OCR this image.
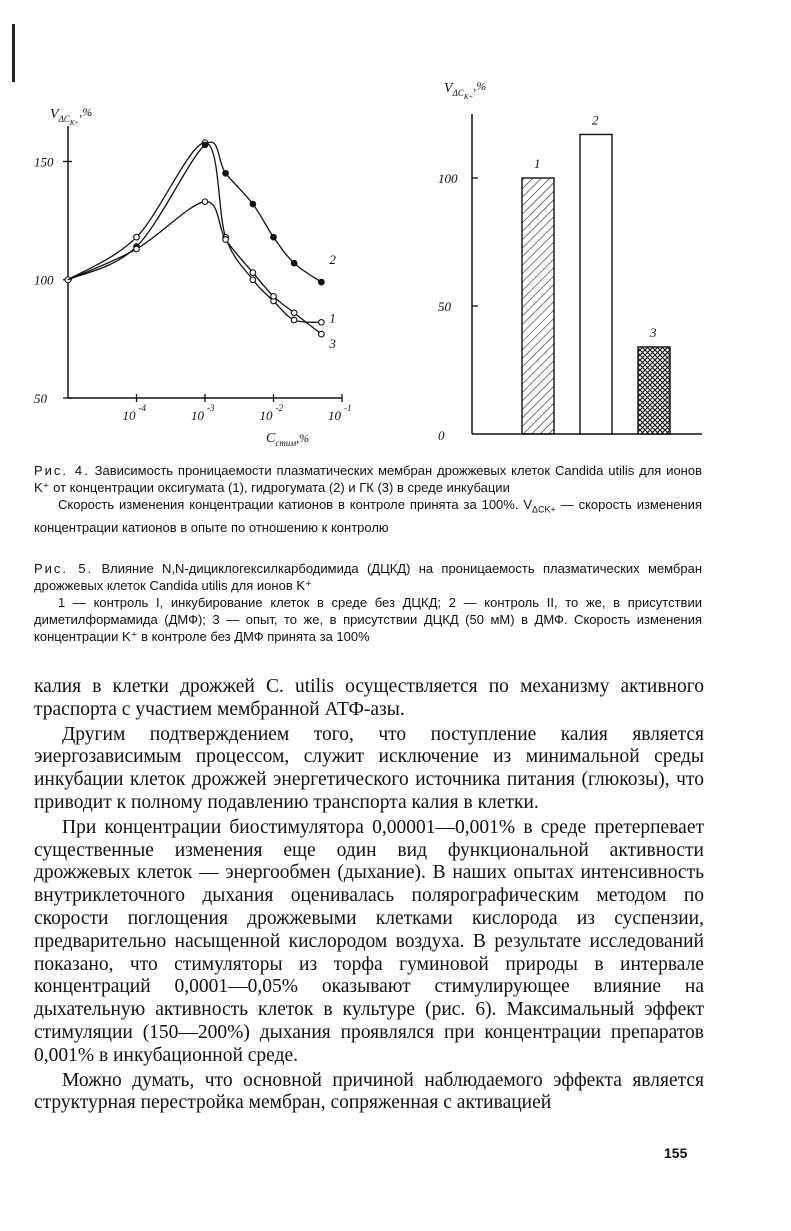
$V_{\Delta CK+},\%$
50
100
150
10 -4	10 -3	10 -2	10 -1
$C_{стим},\%$
1
2
3
$V_{\Delta CK+},\%$
0
50
100
1
2
3

Рис. 4. Зависимость проницаемости плазматических мембран дрожжевых клеток Candida utilis для ионов K⁺ от концентрации оксигумата (1), гидрогумата (2) и ГК (3) в среде инкубации

Скорость изменения концентрации катионов в контроле принята за 100%. $V_{\Delta CK+}$ — скорость изменения концентрации катионов в опыте по отношению к контролю

Рис. 5. Влияние N,N-дициклогексилкарбодимида (ДЦКД) на проницаемость плазматических мембран дрожжевых клеток Candida utilis для ионов K⁺

1 — контроль I, инкубирование клеток в среде без ДЦКД; 2 — контроль II, то же, в присутствии диметилформамида (ДМФ); 3 — опыт, то же, в присутствии ДЦКД (50 мМ) в ДМФ. Скорость изменения концентрации K⁺ в контроле без ДМФ принята за 100%

калия в клетки дрожжей C. utilis осуществляется по механизму активного траспорта с участием мембранной АТФ-азы.

Другим подтверждением того, что поступление калия является эиергозависимым процессом, служит исключение из минимальной среды инкубации клеток дрожжей энергетического источника питания (глюкозы), что приводит к полному подавлению транспорта калия в клетки.

При концентрации биостимулятора 0,00001—0,001% в среде претерпевает существенные изменения еще один вид функциональной активности дрожжевых клеток — энергообмен (дыхание). В наших опытах интенсивность внутриклеточного дыхания оценивалась полярографическим методом по скорости поглощения дрожжевыми клетками кислорода из суспензии, предварительно насыщенной кислородом воздуха. В результате исследований показано, что стимуляторы из торфа гуминовой природы в интервале концентраций 0,0001—0,05% оказывают стимулирующее влияние на дыхательную активность клеток в культуре (рис. 6). Максимальный эффект стимуляции (150—200%) дыхания проявлялся при концентрации препаратов 0,001% в инкубационной среде.

Можно думать, что основной причиной наблюдаемого эффекта является структурная перестройка мембран, сопряженная с активацией

155
